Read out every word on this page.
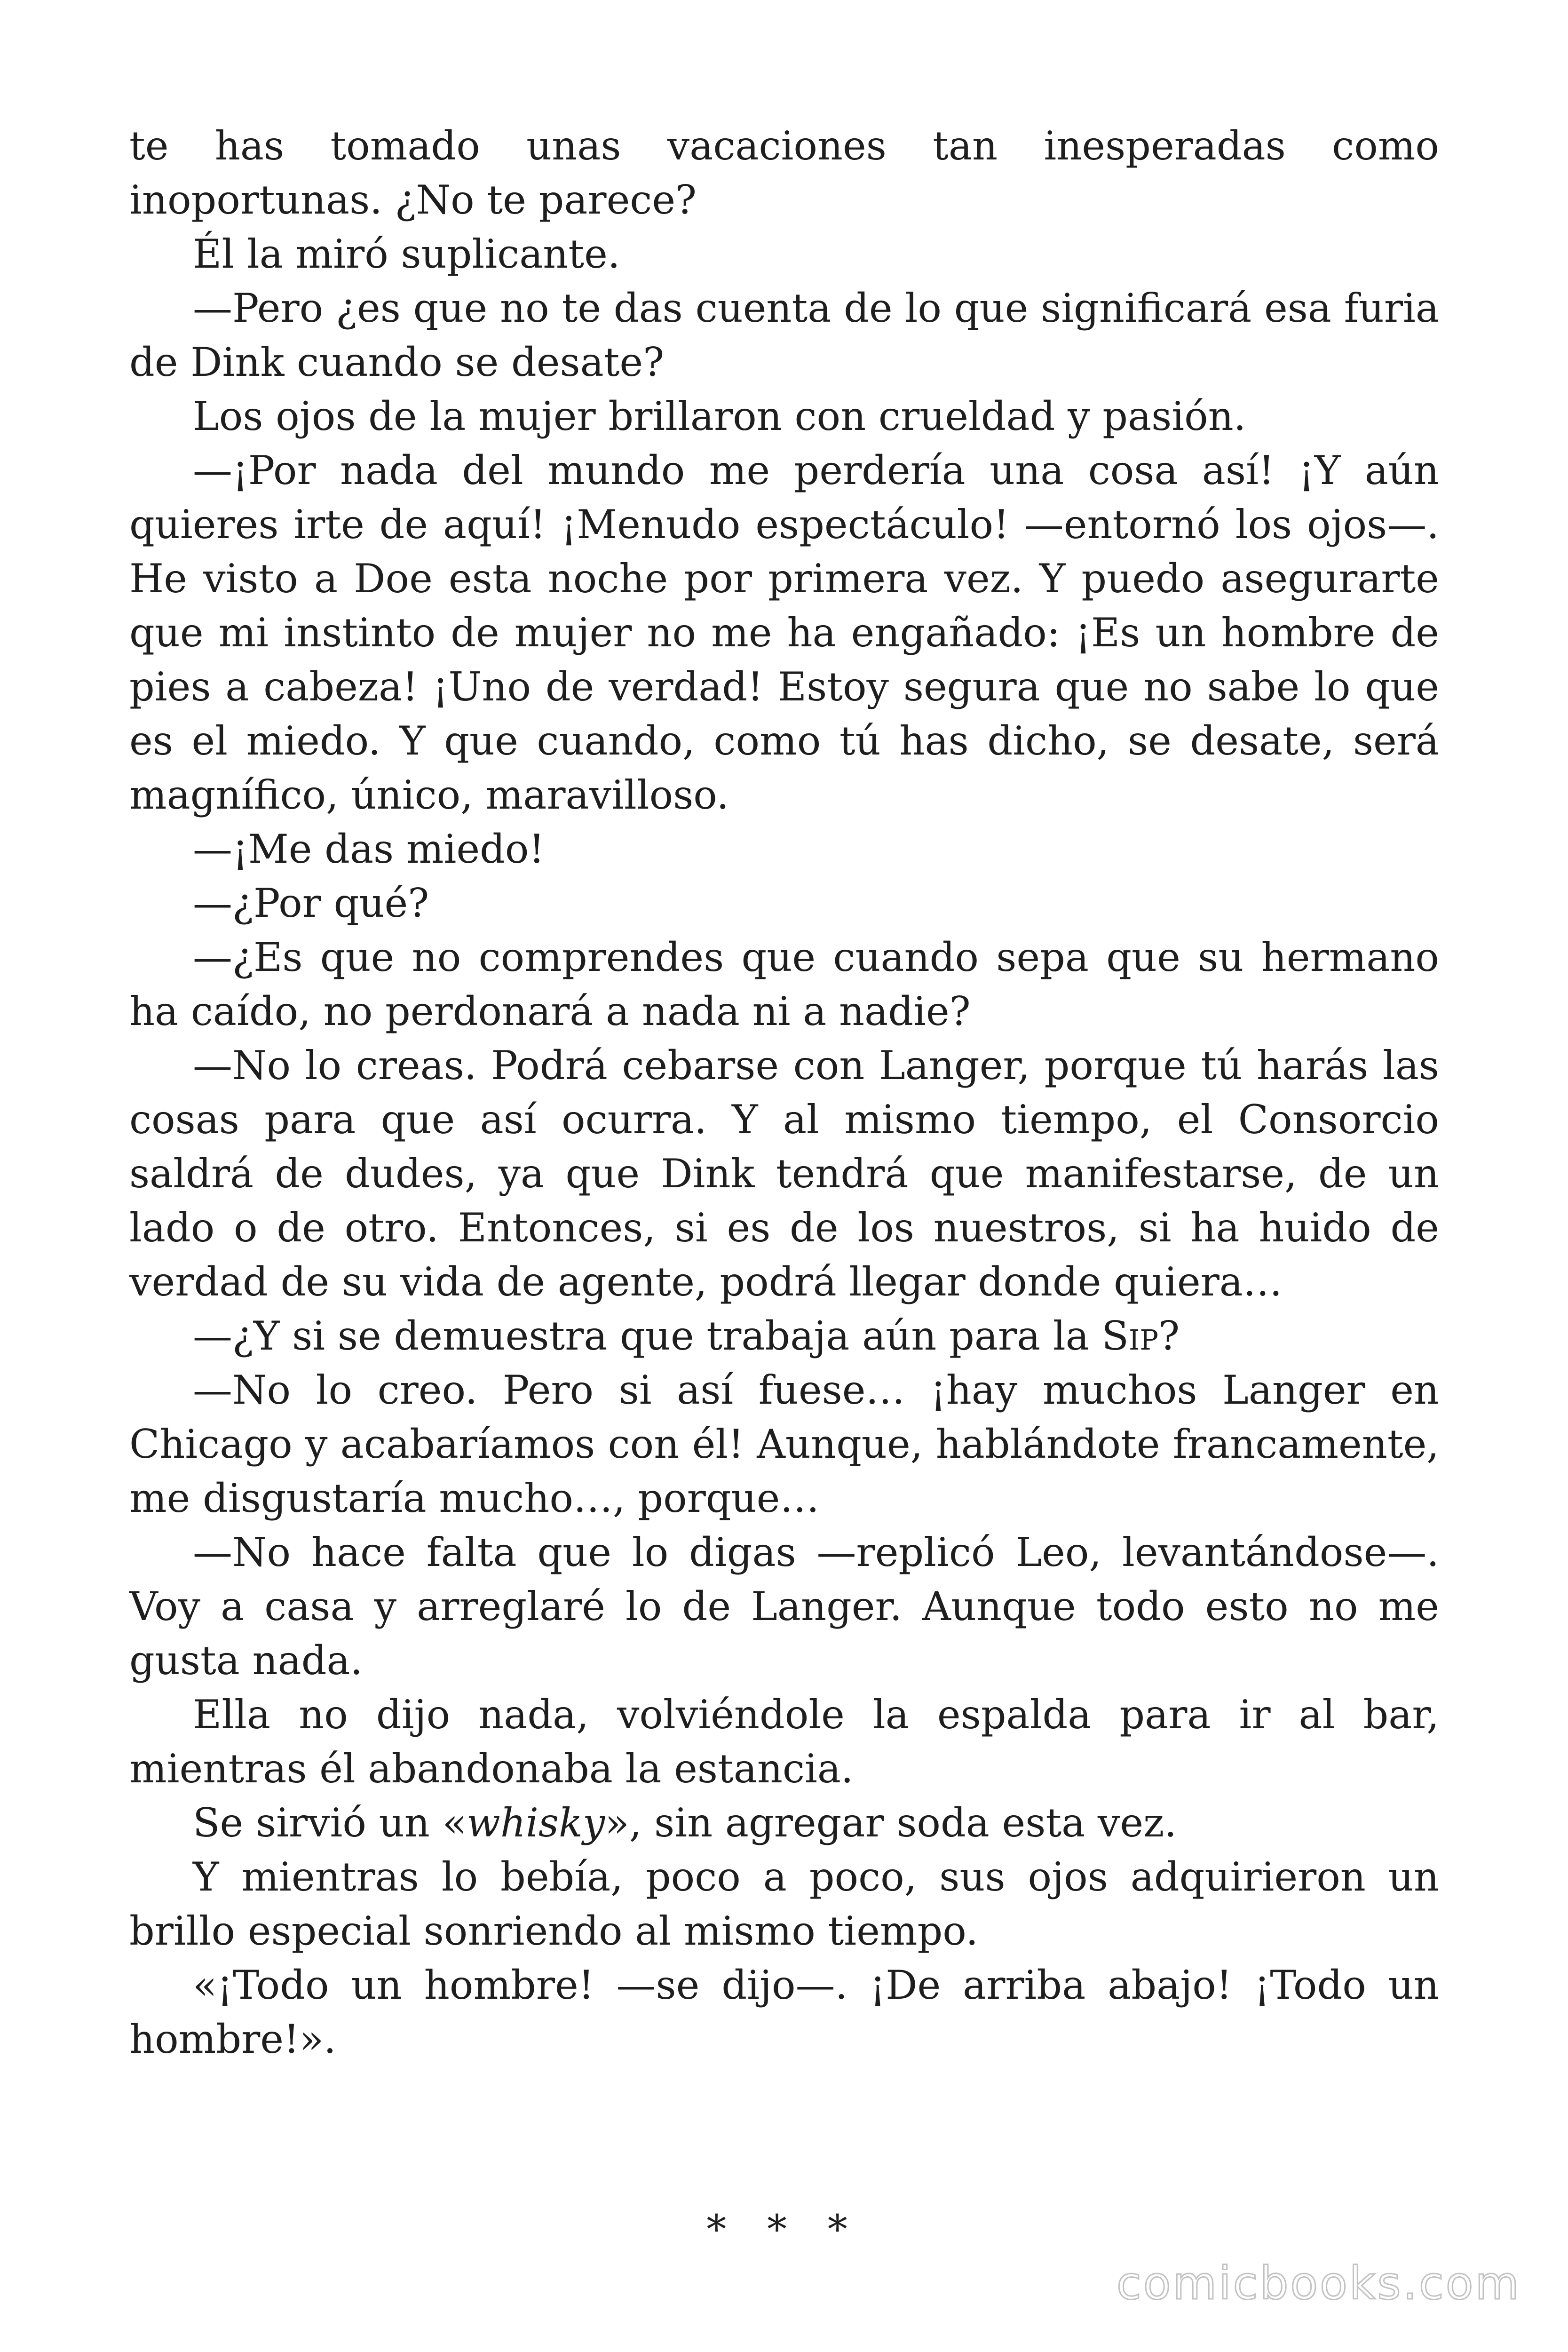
te has tomado unas vacaciones tan inesperadas como inoportunas. ¿No te parece?

Él la miró suplicante.

—Pero ¿es que no te das cuenta de lo que significará esa furia de Dink cuando se desate?

Los ojos de la mujer brillaron con crueldad y pasión.

—¡Por nada del mundo me perdería una cosa así! ¡Y aún quieres irte de aquí! ¡Menudo espectáculo! —entornó los ojos—. He visto a Doe esta noche por primera vez. Y puedo asegurarte que mi instinto de mujer no me ha engañado: ¡Es un hombre de pies a cabeza! ¡Uno de verdad! Estoy segura que no sabe lo que es el miedo. Y que cuando, como tú has dicho, se desate, será magnífico, único, maravilloso.

—¡Me das miedo!

—¿Por qué?

—¿Es que no comprendes que cuando sepa que su hermano ha caído, no perdonará a nada ni a nadie?

—No lo creas. Podrá cebarse con Langer, porque tú harás las cosas para que así ocurra. Y al mismo tiempo, el Consorcio saldrá de dudes, ya que Dink tendrá que manifestarse, de un lado o de otro. Entonces, si es de los nuestros, si ha huido de verdad de su vida de agente, podrá llegar donde quiera…

—¿Y si se demuestra que trabaja aún para la Sip?

—No lo creo. Pero si así fuese… ¡hay muchos Langer en Chicago y acabaríamos con él! Aunque, hablándote francamente, me disgustaría mucho…, porque…

—No hace falta que lo digas —replicó Leo, levantándose—. Voy a casa y arreglaré lo de Langer. Aunque todo esto no me gusta nada.

Ella no dijo nada, volviéndole la espalda para ir al bar, mientras él abandonaba la estancia.

Se sirvió un «whisky», sin agregar soda esta vez.

Y mientras lo bebía, poco a poco, sus ojos adquirieron un brillo especial sonriendo al mismo tiempo.

«¡Todo un hombre! —se dijo—. ¡De arriba abajo! ¡Todo un hombre!».

* * *
comicbooks.com
